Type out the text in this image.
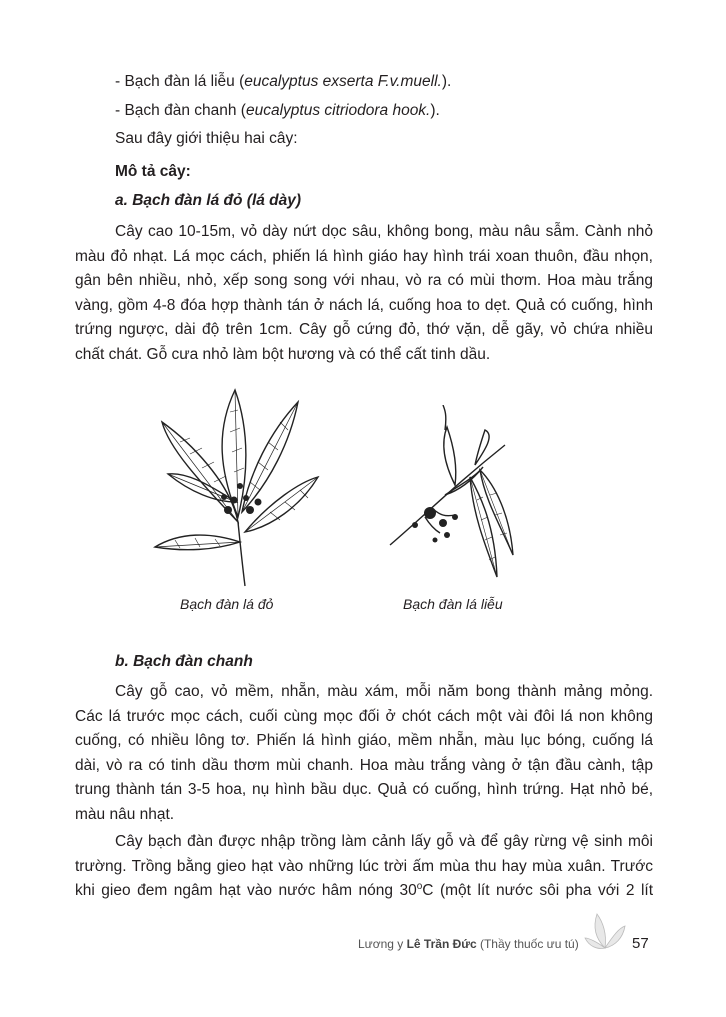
- Bạch đàn lá liễu (eucalyptus exserta F.v.muell.).
- Bạch đàn chanh (eucalyptus citriodora hook.).
Sau đây giới thiệu hai cây:
Mô tả cây:
a. Bạch đàn lá đỏ (lá dày)
Cây cao 10-15m, vỏ dày nứt dọc sâu, không bong, màu nâu sẫm. Cành nhỏ
màu đỏ nhạt. Lá mọc cách, phiến lá hình giáo hay hình trái xoan thuôn, đầu nhọn,
gân bên nhiều, nhỏ, xếp song song với nhau, vò ra có mùi thơm. Hoa màu trắng
vàng, gồm 4-8 đóa hợp thành tán ở nách lá, cuống hoa to dẹt. Quả có cuống, hình
trứng ngược, dài độ trên 1cm. Cây gỗ cứng đỏ, thớ vặn, dễ gãy, vỏ chứa nhiều
chất chát. Gỗ cưa nhỏ làm bột hương và có thể cất tinh dầu.
Bạch đàn lá đỏ	Bạch đàn lá liễu
b. Bạch đàn chanh
Cây gỗ cao, vỏ mềm, nhẵn, màu xám, mỗi năm bong thành mảng mỏng.
Các lá trước mọc cách, cuối cùng mọc đối ở chót cách một vài đôi lá non không
cuống, có nhiều lông tơ. Phiến lá hình giáo, mềm nhẵn, màu lục bóng, cuống lá
dài, vò ra có tinh dầu thơm mùi chanh. Hoa màu trắng vàng ở tận đầu cành, tập
trung thành tán 3-5 hoa, nụ hình bầu dục. Quả có cuống, hình trứng. Hạt nhỏ bé,
màu nâu nhạt.
Cây bạch đàn được nhập trồng làm cảnh lấy gỗ và để gây rừng vệ sinh môi
trường. Trồng bằng gieo hạt vào những lúc trời ấm mùa thu hay mùa xuân. Trước
khi gieo đem ngâm hạt vào nước hâm nóng 30$^o$C (một lít nước sôi pha với 2 lít
Lương y Lê Trần Đức (Thầy thuốc ưu tú)	57
